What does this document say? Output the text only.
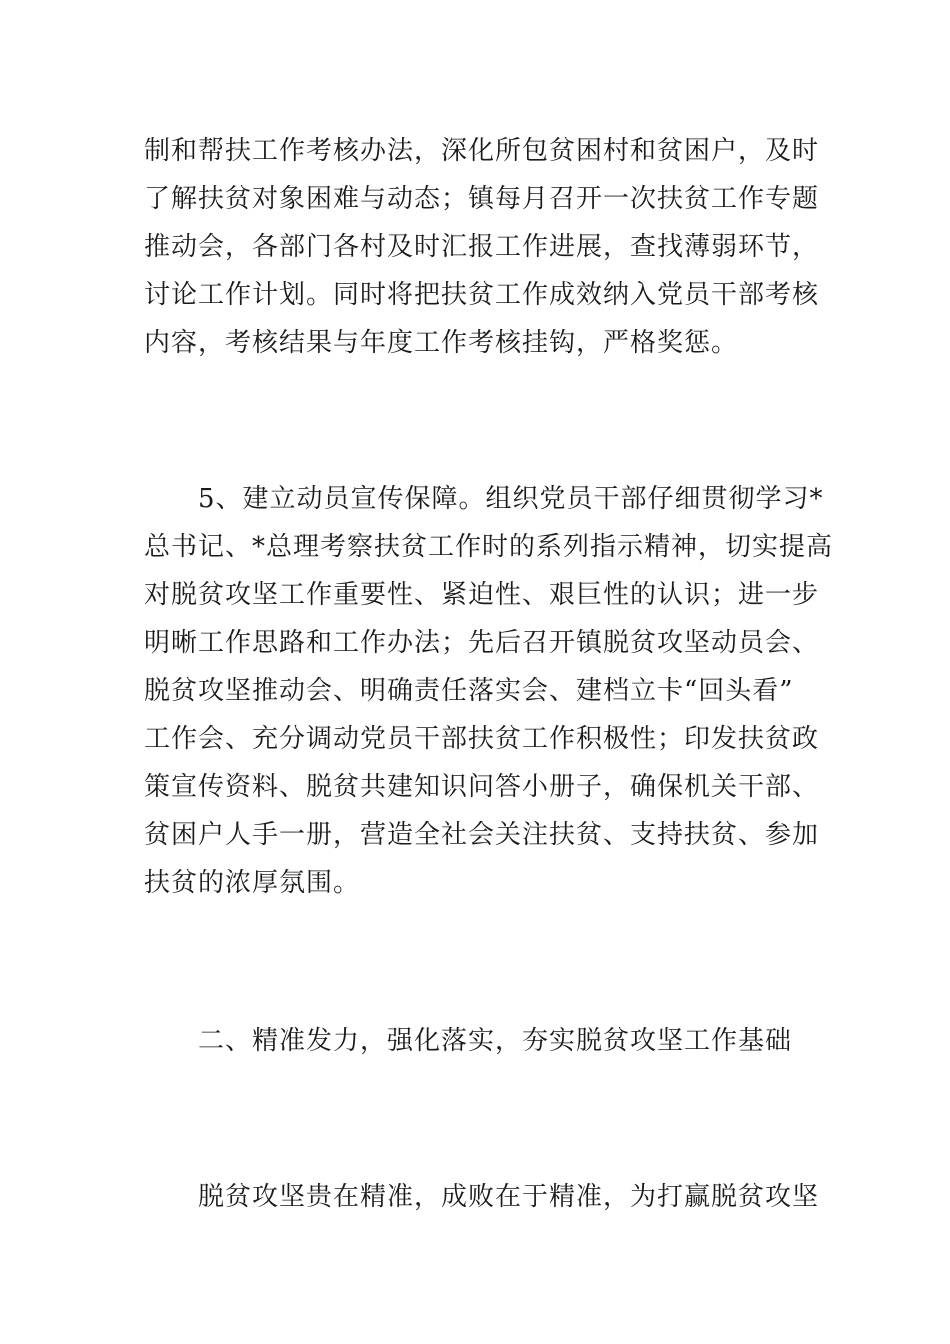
制和帮扶工作考核办法，深化所包贫困村和贫困户，及时
了解扶贫对象困难与动态；镇每月召开一次扶贫工作专题
推动会，各部门各村及时汇报工作进展，查找薄弱环节，
讨论工作计划。同时将把扶贫工作成效纳入党员干部考核
内容，考核结果与年度工作考核挂钩，严格奖惩。
5、建立动员宣传保障。组织党员干部仔细贯彻学习*
总书记、*总理考察扶贫工作时的系列指示精神，切实提高
对脱贫攻坚工作重要性、紧迫性、艰巨性的认识；进一步
明晰工作思路和工作办法；先后召开镇脱贫攻坚动员会、
脱贫攻坚推动会、明确责任落实会、建档立卡“回头看”
工作会、充分调动党员干部扶贫工作积极性；印发扶贫政
策宣传资料、脱贫共建知识问答小册子，确保机关干部、
贫困户人手一册，营造全社会关注扶贫、支持扶贫、参加
扶贫的浓厚氛围。
二、精准发力，强化落实，夯实脱贫攻坚工作基础
脱贫攻坚贵在精准，成败在于精准，为打赢脱贫攻坚
